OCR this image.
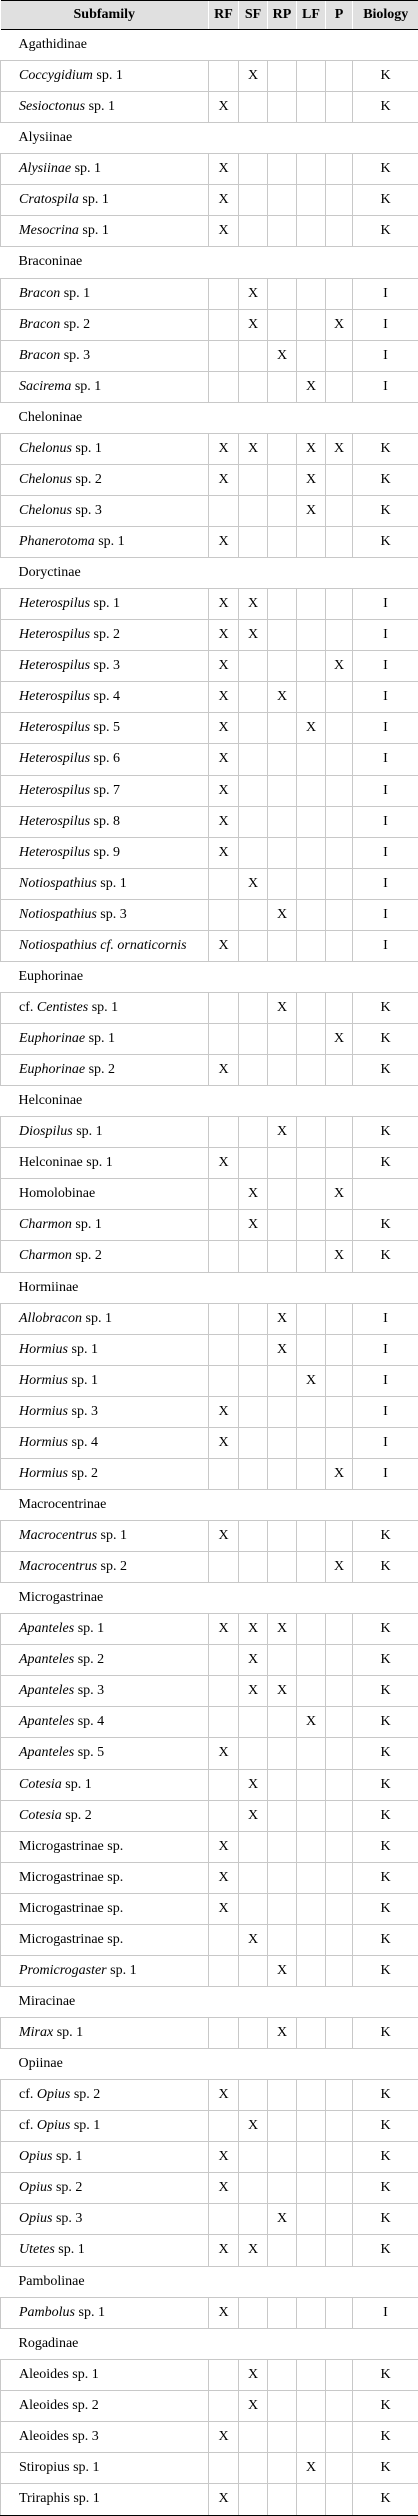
Subfamily	RF	SF	RP	LF	P	Biology
Agathidinae						
Coccygidium sp. 1		X				K
Sesioctonus sp. 1	X					K
Alysiinae						
Alysiinae sp. 1	X					K
Cratospila sp. 1	X					K
Mesocrina sp. 1	X					K
Braconinae						
Bracon sp. 1		X				I
Bracon sp. 2		X			X	I
Bracon sp. 3			X			I
Sacirema sp. 1				X		I
Cheloninae						
Chelonus sp. 1	X	X		X	X	K
Chelonus sp. 2	X			X		K
Chelonus sp. 3				X		K
Phanerotoma sp. 1	X					K
Doryctinae						
Heterospilus sp. 1	X	X				I
Heterospilus sp. 2	X	X				I
Heterospilus sp. 3	X				X	I
Heterospilus sp. 4	X		X			I
Heterospilus sp. 5	X			X		I
Heterospilus sp. 6	X					I
Heterospilus sp. 7	X					I
Heterospilus sp. 8	X					I
Heterospilus sp. 9	X					I
Notiospathius sp. 1		X				I
Notiospathius sp. 3			X			I
Notiospathius cf. ornaticornis	X					I
Euphorinae						
cf. Centistes sp. 1			X			K
Euphorinae sp. 1					X	K
Euphorinae sp. 2	X					K
Helconinae						
Diospilus sp. 1			X			K
Helconinae sp. 1	X					K
Homolobinae		X			X	
Charmon sp. 1		X				K
Charmon sp. 2					X	K
Hormiinae						
Allobracon sp. 1			X			I
Hormius sp. 1			X			I
Hormius sp. 1				X		I
Hormius sp. 3	X					I
Hormius sp. 4	X					I
Hormius sp. 2					X	I
Macrocentrinae						
Macrocentrus sp. 1	X					K
Macrocentrus sp. 2					X	K
Microgastrinae						
Apanteles sp. 1	X	X	X			K
Apanteles sp. 2		X				K
Apanteles sp. 3		X	X			K
Apanteles sp. 4				X		K
Apanteles sp. 5	X					K
Cotesia sp. 1		X				K
Cotesia sp. 2		X				K
Microgastrinae sp.	X					K
Microgastrinae sp.	X					K
Microgastrinae sp.	X					K
Microgastrinae sp.		X				K
Promicrogaster sp. 1			X			K
Miracinae						
Mirax sp. 1			X			K
Opiinae						
cf. Opius sp. 2	X					K
cf. Opius sp. 1		X				K
Opius sp. 1	X					K
Opius sp. 2	X					K
Opius sp. 3			X			K
Utetes sp. 1	X	X				K
Pambolinae						
Pambolus sp. 1	X					I
Rogadinae						
Aleoides sp. 1		X				K
Aleoides sp. 2		X				K
Aleoides sp. 3	X					K
Stiropius sp. 1				X		K
Triraphis sp. 1	X					K
